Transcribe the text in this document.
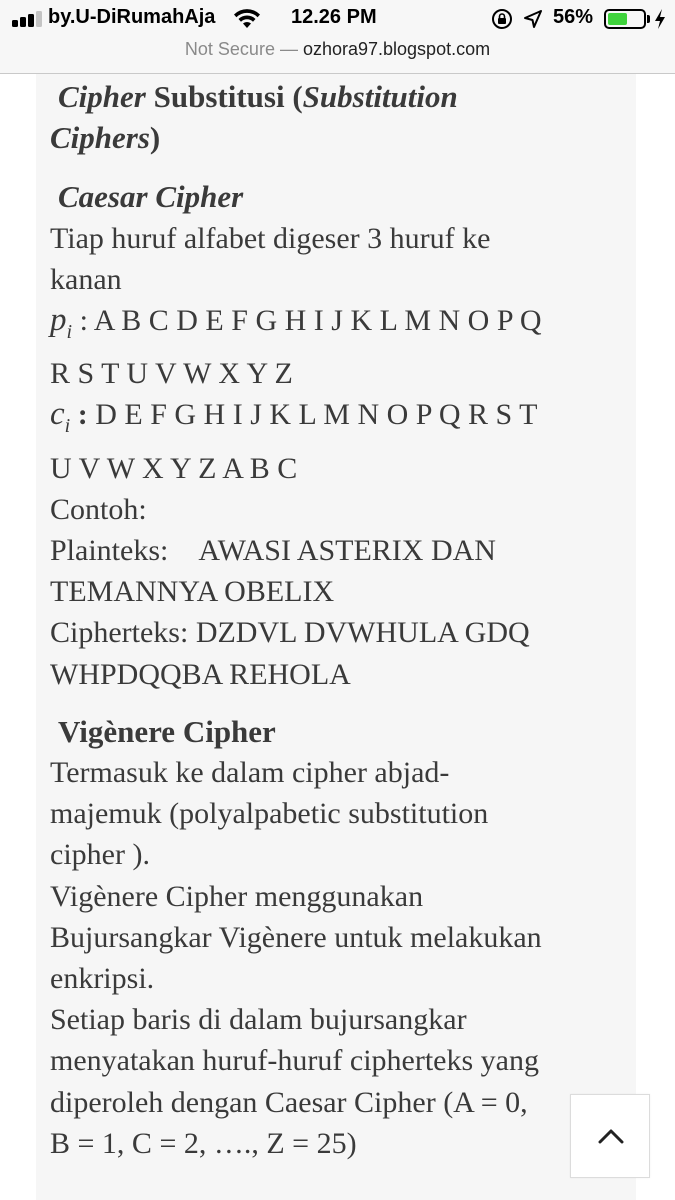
by.U-DiRumahAja	12.26 PM	56%
Not Secure — ozhora97.blogspot.com

Cipher Substitusi (Substitution

Ciphers)

Caesar Cipher

Tiap huruf alfabet digeser 3 huruf ke

kanan

$p_i$ : A B C D E F G H I J K L M N O P Q

R S T U V W X Y Z

$c_i$ : D E F G H I J K L M N O P Q R S T

U V W X Y Z A B C

Contoh:

Plainteks: AWASI ASTERIX DAN

TEMANNYA OBELIX

Cipherteks: DZDVL DVWHULA GDQ

WHPDQQBA REHOLA

Vigènere Cipher

Termasuk ke dalam cipher abjad-

majemuk (polyalpabetic substitution

cipher ).

Vigènere Cipher menggunakan

Bujursangkar Vigènere untuk melakukan

enkripsi.

Setiap baris di dalam bujursangkar

menyatakan huruf-huruf cipherteks yang

diperoleh dengan Caesar Cipher (A = 0,

B = 1, C = 2, …., Z = 25)
